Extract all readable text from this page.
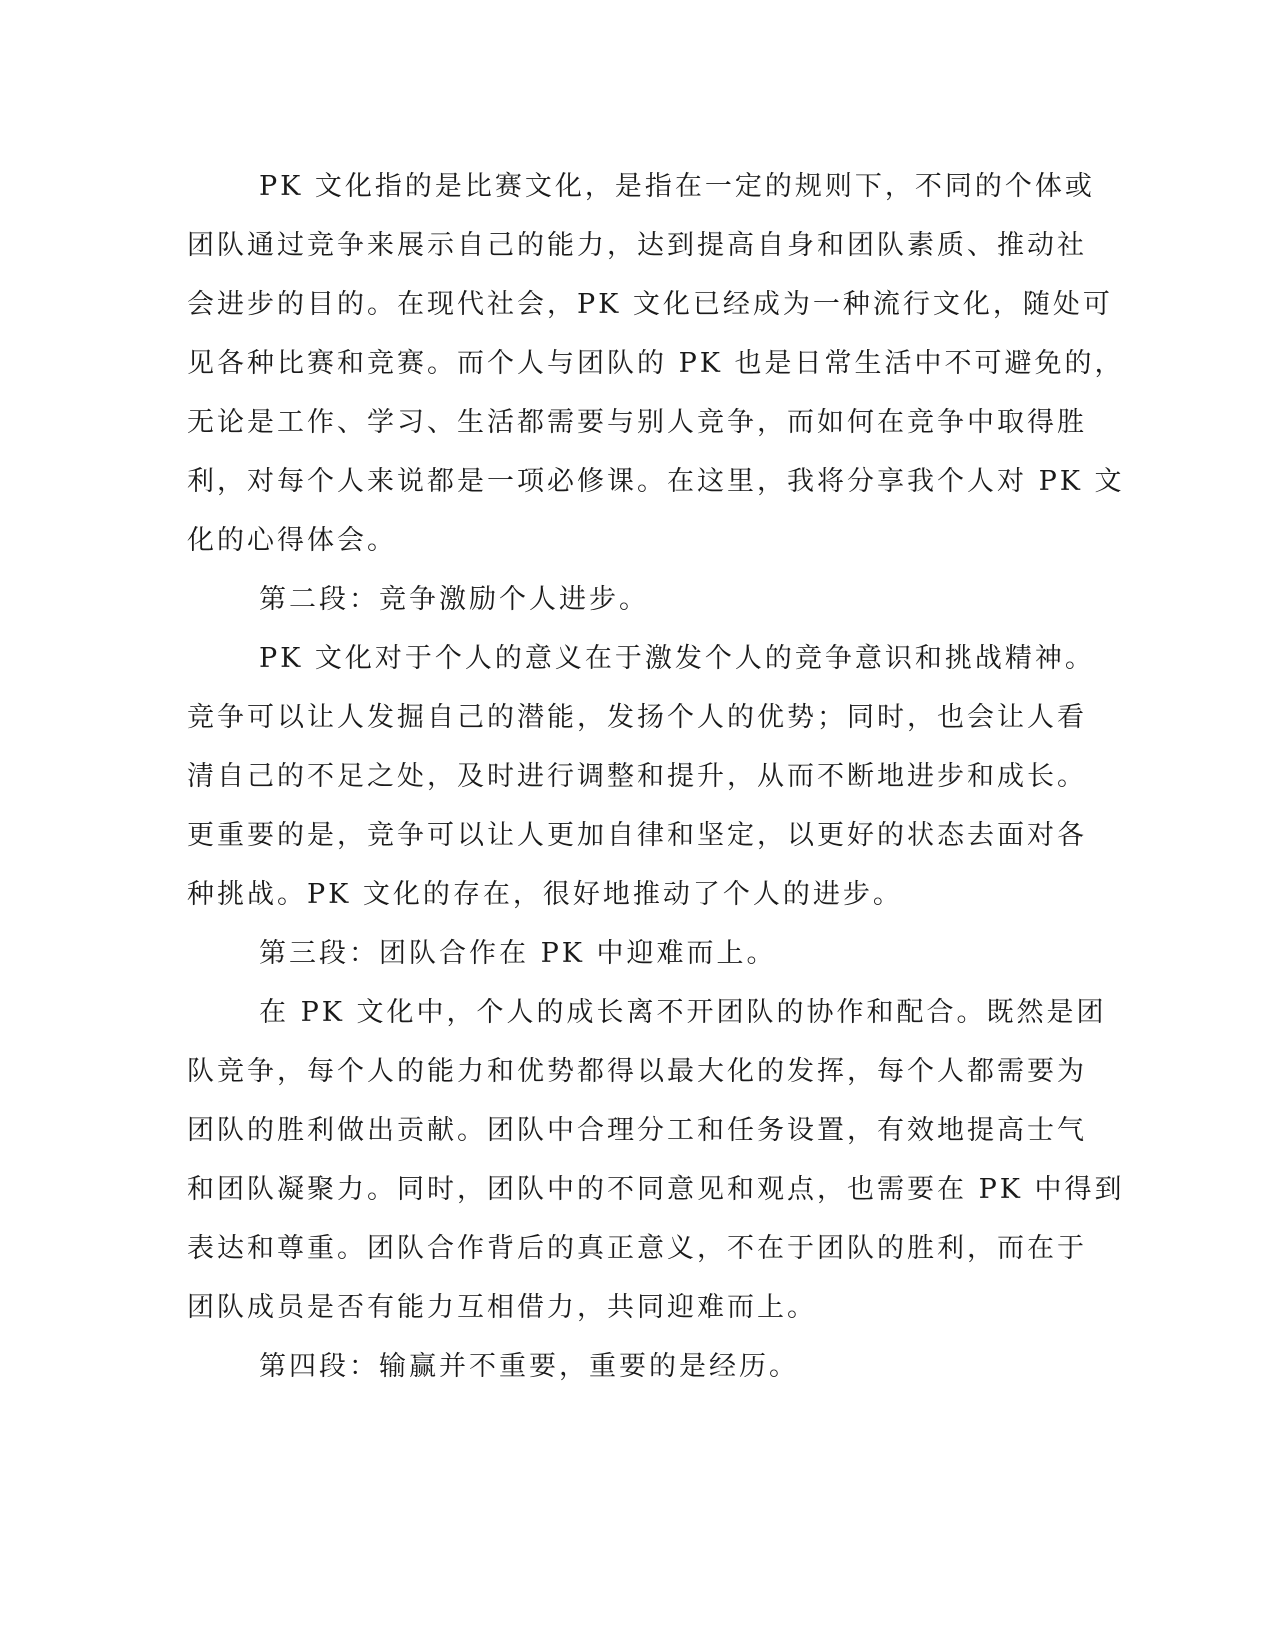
PK 文化指的是比赛文化，是指在一定的规则下，不同的个体或
团队通过竞争来展示自己的能力，达到提高自身和团队素质、推动社
会进步的目的。在现代社会，PK 文化已经成为一种流行文化，随处可
见各种比赛和竞赛。而个人与团队的 PK 也是日常生活中不可避免的，
无论是工作、学习、生活都需要与别人竞争，而如何在竞争中取得胜
利，对每个人来说都是一项必修课。在这里，我将分享我个人对 PK 文
化的心得体会。
第二段：竞争激励个人进步。
PK 文化对于个人的意义在于激发个人的竞争意识和挑战精神。
竞争可以让人发掘自己的潜能，发扬个人的优势；同时，也会让人看
清自己的不足之处，及时进行调整和提升，从而不断地进步和成长。
更重要的是，竞争可以让人更加自律和坚定，以更好的状态去面对各
种挑战。PK 文化的存在，很好地推动了个人的进步。
第三段：团队合作在 PK 中迎难而上。
在 PK 文化中，个人的成长离不开团队的协作和配合。既然是团
队竞争，每个人的能力和优势都得以最大化的发挥，每个人都需要为
团队的胜利做出贡献。团队中合理分工和任务设置，有效地提高士气
和团队凝聚力。同时，团队中的不同意见和观点，也需要在 PK 中得到
表达和尊重。团队合作背后的真正意义，不在于团队的胜利，而在于
团队成员是否有能力互相借力，共同迎难而上。
第四段：输赢并不重要，重要的是经历。
